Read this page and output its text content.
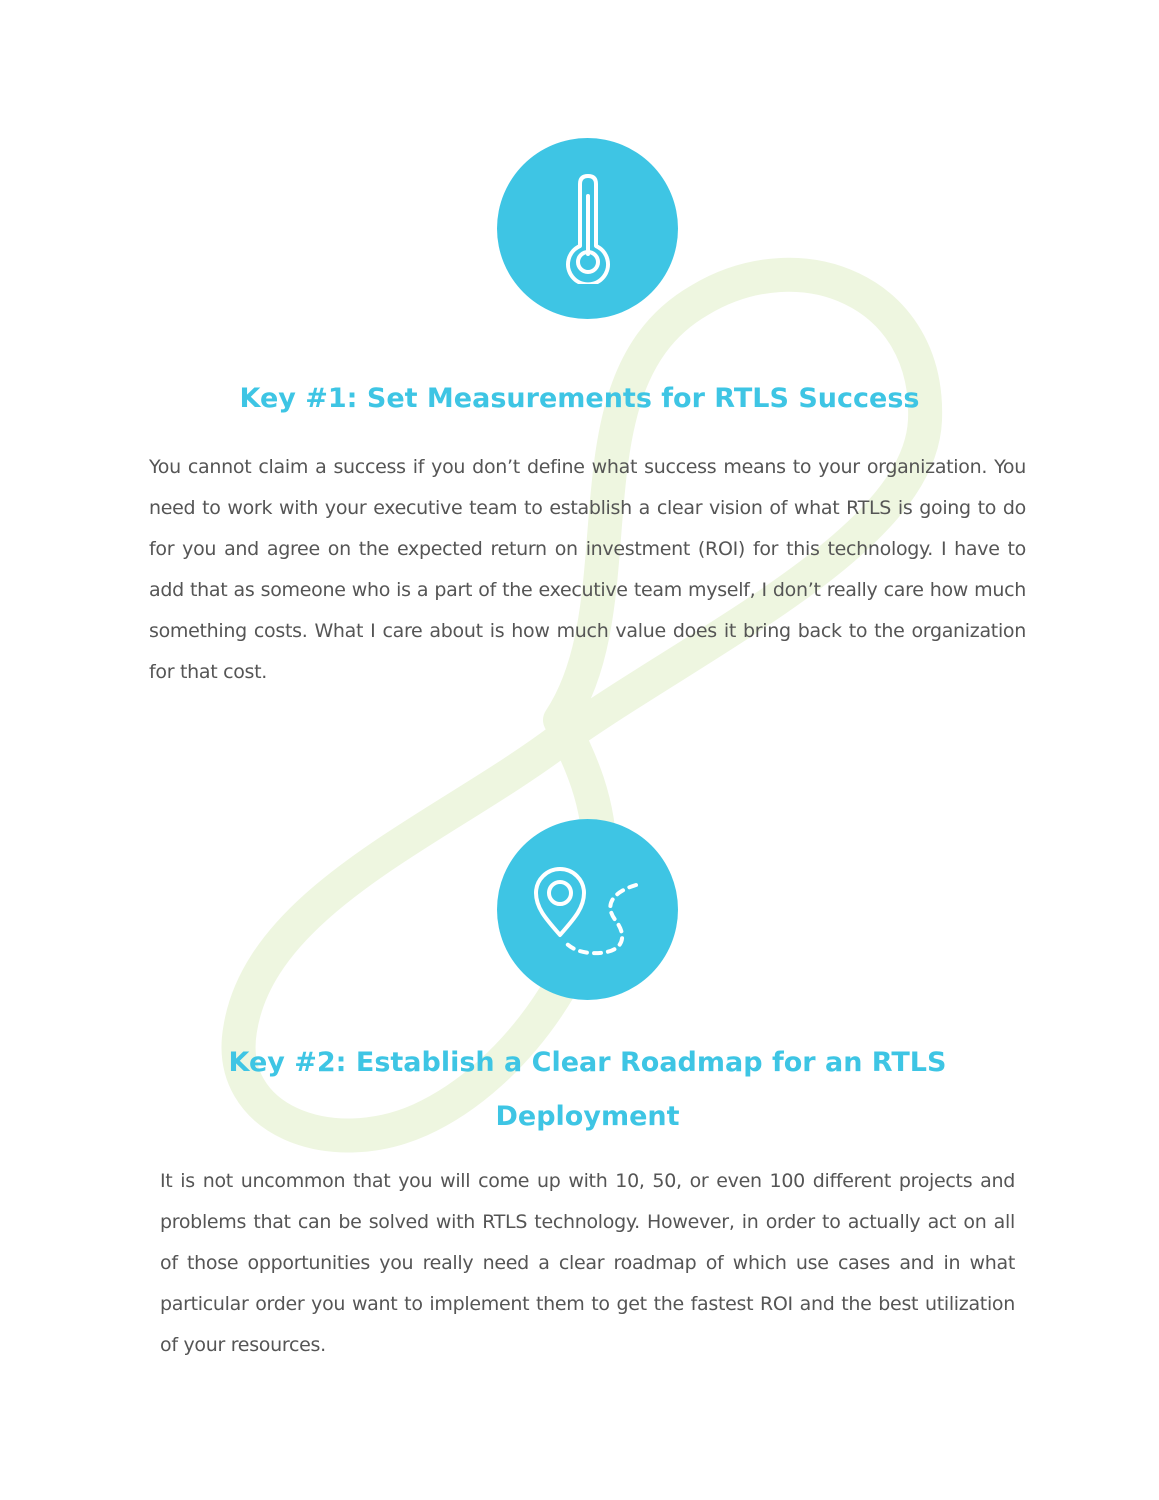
Key #1: Set Measurements for RTLS Success

You cannot claim a success if you don’t define what success means to your organization. You need to work with your executive team to establish a clear vision of what RTLS is going to do for you and agree on the expected return on investment (ROI) for this technology. I have to add that as someone who is a part of the executive team myself, I don’t really care how much something costs. What I care about is how much value does it bring back to the organization for that cost.

Key #2: Establish a Clear Roadmap for an RTLS Deployment

It is not uncommon that you will come up with 10, 50, or even 100 different projects and problems that can be solved with RTLS technology. However, in order to actually act on all of those opportunities you really need a clear roadmap of which use cases and in what particular order you want to implement them to get the fastest ROI and the best utilization of your resources.
